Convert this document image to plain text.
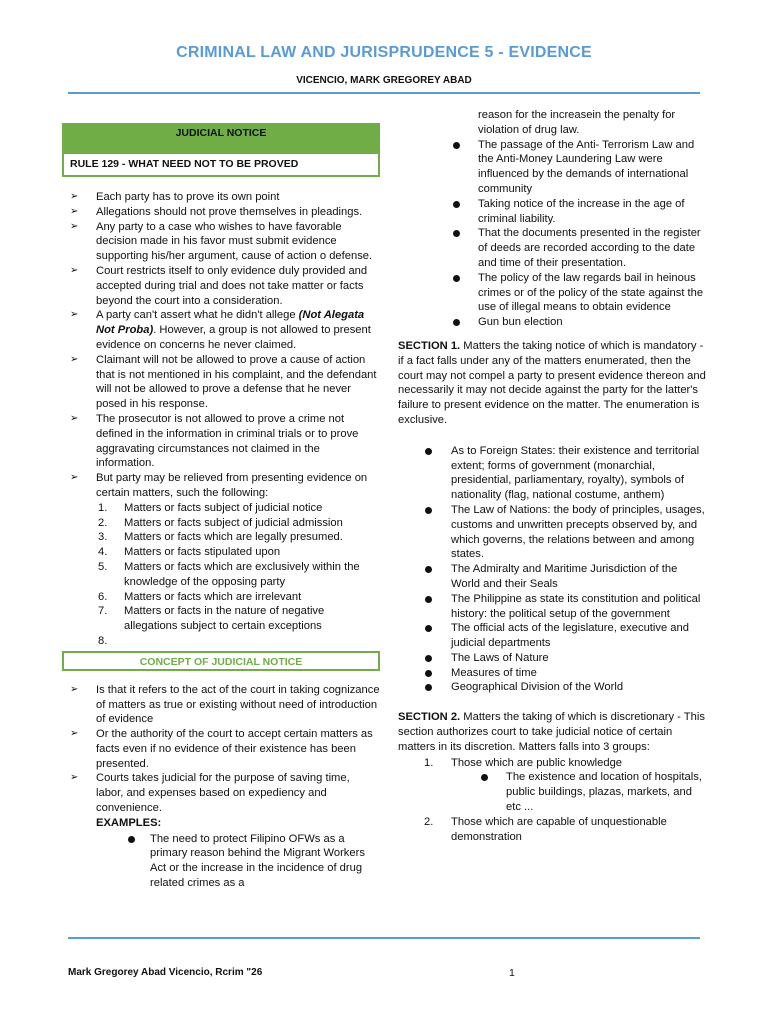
CRIMINAL LAW AND JURISPRUDENCE 5 - EVIDENCE
VICENCIO, MARK GREGOREY ABAD
JUDICIAL NOTICE
RULE 129 - WHAT NEED NOT TO BE PROVED
➢ Each party has to prove its own point
➢ Allegations should not prove themselves in pleadings.
➢ Any party to a case who wishes to have favorable decision made in his favor must submit evidence supporting his/her argument, cause of action o defense.
➢ Court restricts itself to only evidence duly provided and accepted during trial and does not take matter or facts beyond the court into a consideration.
➢ A party can't assert what he didn't allege (Not Alegata Not Proba). However, a group is not allowed to present evidence on concerns he never claimed.
➢ Claimant will not be allowed to prove a cause of action that is not mentioned in his complaint, and the defendant will not be allowed to prove a defense that he never posed in his response.
➢ The prosecutor is not allowed to prove a crime not defined in the information in criminal trials or to prove aggravating circumstances not claimed in the information.
➢ But party may be relieved from presenting evidence on certain matters, such the following:
1. Matters or facts subject of judicial notice
2. Matters or facts subject of judicial admission
3. Matters or facts which are legally presumed.
4. Matters or facts stipulated upon
5. Matters or facts which are exclusively within the knowledge of the opposing party
6. Matters or facts which are irrelevant
7. Matters or facts in the nature of negative allegations subject to certain exceptions
8.
CONCEPT OF JUDICIAL NOTICE
➢ Is that it refers to the act of the court in taking cognizance of matters as true or existing without need of introduction of evidence
➢ Or the authority of the court to accept certain matters as facts even if no evidence of their existence has been presented.
➢ Courts takes judicial for the purpose of saving time, labor, and expenses based on expediency and convenience.
EXAMPLES:
The need to protect Filipino OFWs as a primary reason behind the Migrant Workers Act or the increase in the incidence of drug related crimes as a
reason for the increasein the penalty for violation of drug law.
The passage of the Anti- Terrorism Law and the Anti-Money Laundering Law were influenced by the demands of international community
Taking notice of the increase in the age of criminal liability.
That the documents presented in the register of deeds are recorded according to the date and time of their presentation.
The policy of the law regards bail in heinous crimes or of the policy of the state against the use of illegal means to obtain evidence
Gun bun election
SECTION 1. Matters the taking notice of which is mandatory - if a fact falls under any of the matters enumerated, then the court may not compel a party to present evidence thereon and necessarily it may not decide against the party for the latter's failure to present evidence on the matter. The enumeration is exclusive.
As to Foreign States: their existence and territorial extent; forms of government (monarchial, presidential, parliamentary, royalty), symbols of nationality (flag, national costume, anthem)
The Law of Nations: the body of principles, usages, customs and unwritten precepts observed by, and which governs, the relations between and among states.
The Admiralty and Maritime Jurisdiction of the World and their Seals
The Philippine as state its constitution and political history: the political setup of the government
The official acts of the legislature, executive and judicial departments
The Laws of Nature
Measures of time
Geographical Division of the World
SECTION 2. Matters the taking of which is discretionary - This section authorizes court to take judicial notice of certain matters in its discretion. Matters falls into 3 groups:
1. Those which are public knowledge
The existence and location of hospitals, public buildings, plazas, markets, and etc ...
2. Those which are capable of unquestionable demonstration
Mark Gregorey Abad Vicencio, Rcrim "26	1
